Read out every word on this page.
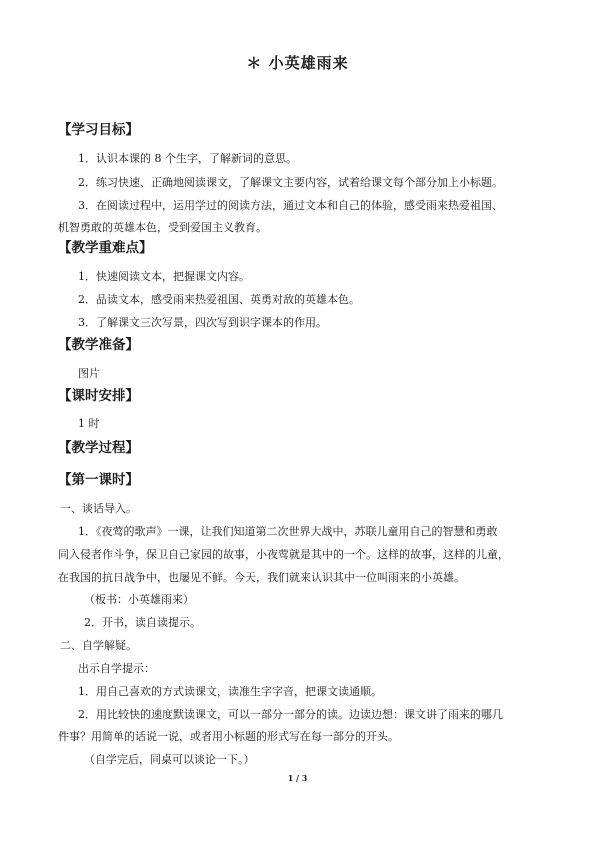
＊ 小英雄雨来
【学习目标】
1．认识本课的 8 个生字，了解新词的意思。
2．练习快速、正确地阅读课文，了解课文主要内容，试着给课文每个部分加上小标题。
3．在阅读过程中，运用学过的阅读方法，通过文本和自己的体验，感受雨来热爱祖国、
机智勇敢的英雄本色，受到爱国主义教育。
【教学重难点】
1．快速阅读文本，把握课文内容。
2．品读文本，感受雨来热爱祖国、英勇对敌的英雄本色。
3．了解课文三次写景，四次写到识字课本的作用。
【教学准备】
图片
【课时安排】
1 时
【教学过程】
【第一课时】
一、谈话导入。
1．《夜莺的歌声》一课，让我们知道第二次世界大战中，苏联儿童用自己的智慧和勇敢
同入侵者作斗争，保卫自己家园的故事，小夜莺就是其中的一个。这样的故事，这样的儿童，
在我国的抗日战争中，也屡见不鲜。今天，我们就来认识其中一位叫雨来的小英雄。
（板书：小英雄雨来）
2．开书，读自读提示。
二、自学解疑。
出示自学提示：
1．用自己喜欢的方式读课文，读准生字字音，把课文读通顺。
2．用比较快的速度默读课文，可以一部分一部分的读。边读边想：课文讲了雨来的哪几
件事？用简单的话说一说，或者用小标题的形式写在每一部分的开头。
（自学完后，同桌可以谈论一下。）
1 / 3
